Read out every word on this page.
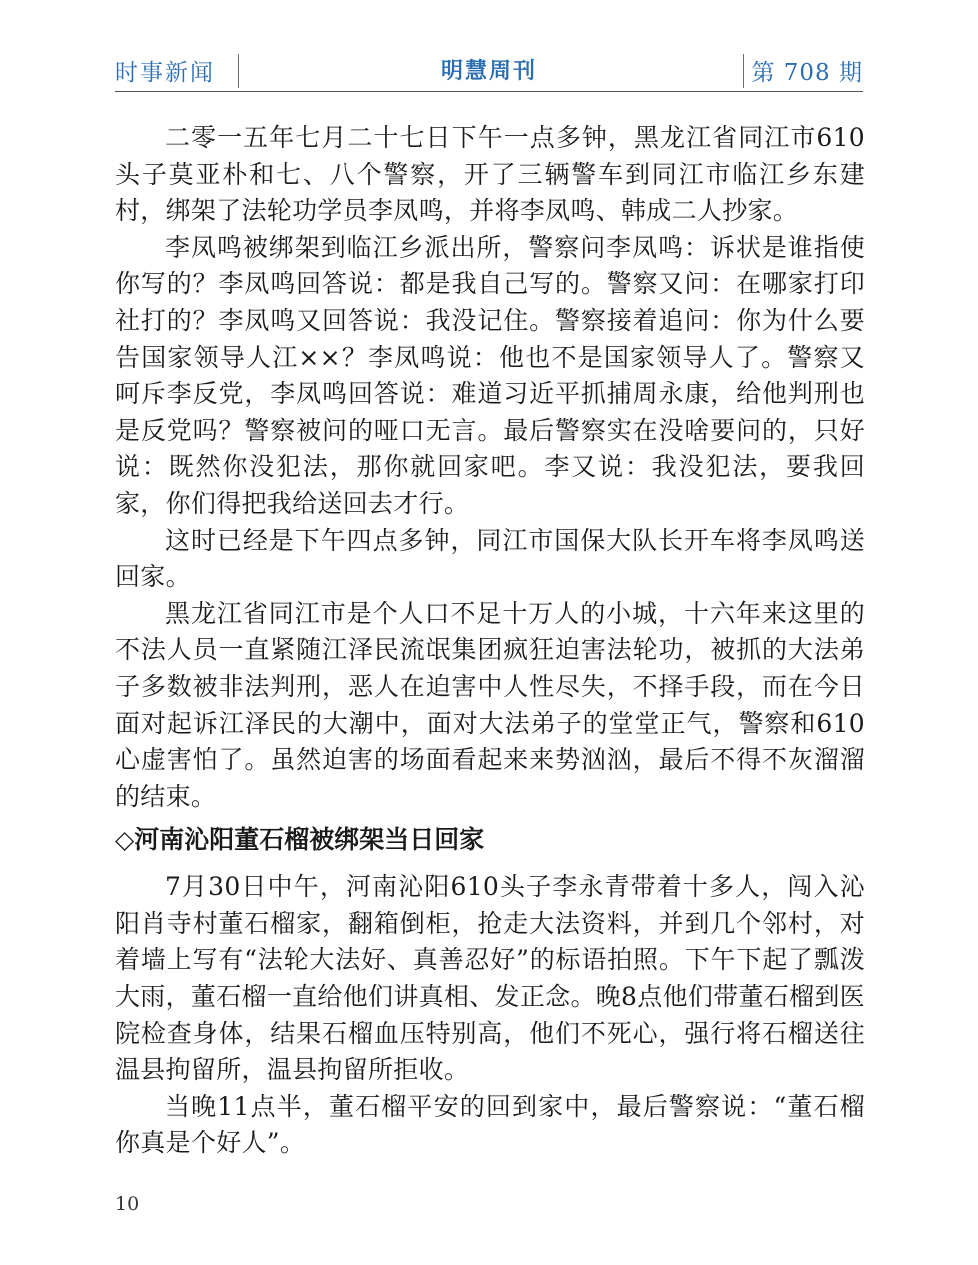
时事新闻	明慧周刊	第 708 期

二零一五年七月二十七日下午一点多钟，黑龙江省同江市610头子莫亚朴和七、八个警察，开了三辆警车到同江市临江乡东建村，绑架了法轮功学员李凤鸣，并将李凤鸣、韩成二人抄家。

李凤鸣被绑架到临江乡派出所，警察问李凤鸣：诉状是谁指使你写的？李凤鸣回答说：都是我自己写的。警察又问：在哪家打印社打的？李凤鸣又回答说：我没记住。警察接着追问：你为什么要告国家领导人江××？李凤鸣说：他也不是国家领导人了。警察又呵斥李反党，李凤鸣回答说：难道习近平抓捕周永康，给他判刑也是反党吗？警察被问的哑口无言。最后警察实在没啥要问的，只好说：既然你没犯法，那你就回家吧。李又说：我没犯法，要我回家，你们得把我给送回去才行。

这时已经是下午四点多钟，同江市国保大队长开车将李凤鸣送回家。

黑龙江省同江市是个人口不足十万人的小城，十六年来这里的不法人员一直紧随江泽民流氓集团疯狂迫害法轮功，被抓的大法弟子多数被非法判刑，恶人在迫害中人性尽失，不择手段，而在今日面对起诉江泽民的大潮中，面对大法弟子的堂堂正气，警察和610心虚害怕了。虽然迫害的场面看起来来势汹汹，最后不得不灰溜溜的结束。

◇河南沁阳董石榴被绑架当日回家

7月30日中午，河南沁阳610头子李永青带着十多人，闯入沁阳肖寺村董石榴家，翻箱倒柜，抢走大法资料，并到几个邻村，对着墙上写有“法轮大法好、真善忍好”的标语拍照。下午下起了瓢泼大雨，董石榴一直给他们讲真相、发正念。晚8点他们带董石榴到医院检查身体，结果石榴血压特别高，他们不死心，强行将石榴送往温县拘留所，温县拘留所拒收。

当晚11点半，董石榴平安的回到家中，最后警察说：“董石榴你真是个好人”。

10
